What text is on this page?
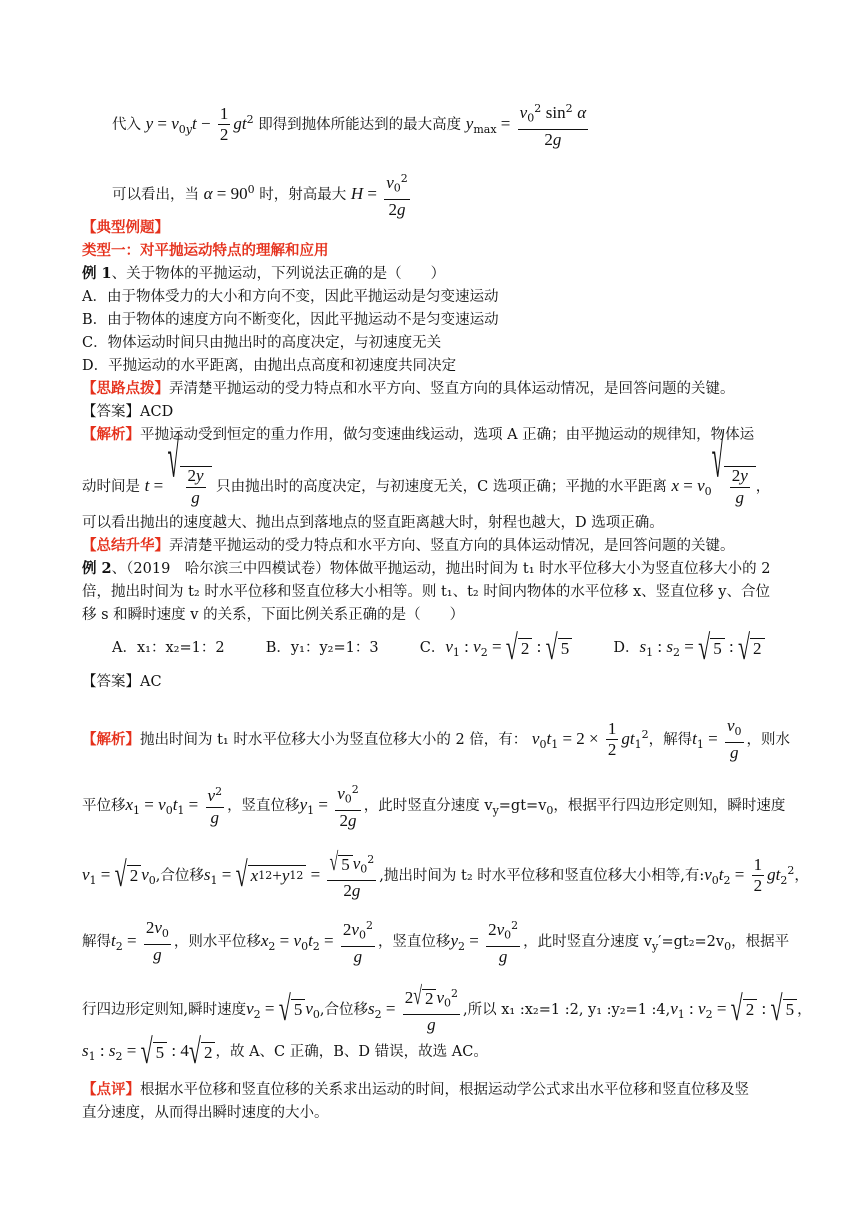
代入 $y = v_{0y}t - \frac{1}{2} gt^2$ 即得到抛体所能达到的最大高度 $y_{max} = \frac{v_0^2 \sin^2 \alpha}{2g}$
可以看出，当 $\alpha = 90^0$ 时，射高最大 $H = \frac{v_0^2}{2g}$
【典型例题】
类型一：对平抛运动特点的理解和应用
例 1、关于物体的平抛运动，下列说法正确的是（　　）
A．由于物体受力的大小和方向不变，因此平抛运动是匀变速运动
B．由于物体的速度方向不断变化，因此平抛运动不是匀变速运动
C．物体运动时间只由抛出时的高度决定，与初速度无关
D．平抛运动的水平距离，由抛出点高度和初速度共同决定
【思路点拨】弄清楚平抛运动的受力特点和水平方向、竖直方向的具体运动情况，是回答问题的关键。
【答案】ACD
【解析】平抛运动受到恒定的重力作用，做匀变速曲线运动，选项 A 正确；由平抛运动的规律知，物体运
动时间是 t = √ $\frac{2y}{g}$ 只由抛出时的高度决定，与初速度无关，C 选项正确；平抛的水平距离 $x = v_0$
√ $\frac{2y}{g}$ ，
可以看出抛出的速度越大、抛出点到落地点的竖直距离越大时，射程也越大，D 选项正确。
【总结升华】弄清楚平抛运动的受力特点和水平方向、竖直方向的具体运动情况，是回答问题的关键。
例 2、（2019　哈尔滨三中四模试卷）物体做平抛运动，抛出时间为 t₁ 时水平位移大小为竖直位移大小的 2
倍，抛出时间为 t₂ 时水平位移和竖直位移大小相等。则 t₁、t₂ 时间内物体的水平位移 x、竖直位移 y、合位
移 s 和瞬时速度 v 的关系，下面比例关系正确的是（　　）
A．x₁：x₂=1：2	B．y₁：y₂=1：3	C．$v_1$ : $v_2$ = √ 2 : √ 5	D．$s_1$ : $s_2$ = √ 5 : √ 2
【答案】AC
【解析】抛出时间为 t₁ 时水平位移大小为竖直位移大小的 2 倍，有： $v_0t_1 = 2 \times \frac{1}{2} gt_1^2$，解得$t_1 = \frac{v_0}{g}$ ，则水
平位移$x_1 = v_0t_1 = \frac{v^2}{g}$ ，竖直位移$y_1 = \frac{v_0^2}{2g}$ ，此时竖直分速度 $v_y=gt=v_0$，根据平行四边形定则知，瞬时速度
$v_1$ = √ 2 $v_0$,合位移$s_1$ = √ x 1 2 + y 1 $2 = \frac{√ 5 v_0^2}{2g}$ ,抛出时间为 t₂ 时水平位移和竖直位移大小相等,有$:v_0t_2 = \frac{1}{2} gt_2^2$，
解得$t_2 = \frac{2v_0}{g}$ ，则水平位移$x_2 = v_0t_2 = \frac{2v_0^2}{g}$ ，竖直位移$y_2 = \frac{2v_0^2}{g}$ ，此时竖直分速度 $v_y'=gt_2=2v_0$，根据平
行四边形定则知,瞬时速度$v_2$ = √ 5 $v_0$,合位移$s_2 = \frac{2 √ 2 v_0^2}{g}$ ,所以 x₁ :x₂=1 :2, y₁ :y₂=1 $:4,v_1$ : $v_2$ = √ 2 : √ 5 ，
$s_1$ : $s_2$ = √ 5 : 4 √ 2 ，故 A、C 正确，B、D 错误，故选 AC。
【点评】根据水平位移和竖直位移的关系求出运动的时间，根据运动学公式求出水平位移和竖直位移及竖
直分速度，从而得出瞬时速度的大小。
